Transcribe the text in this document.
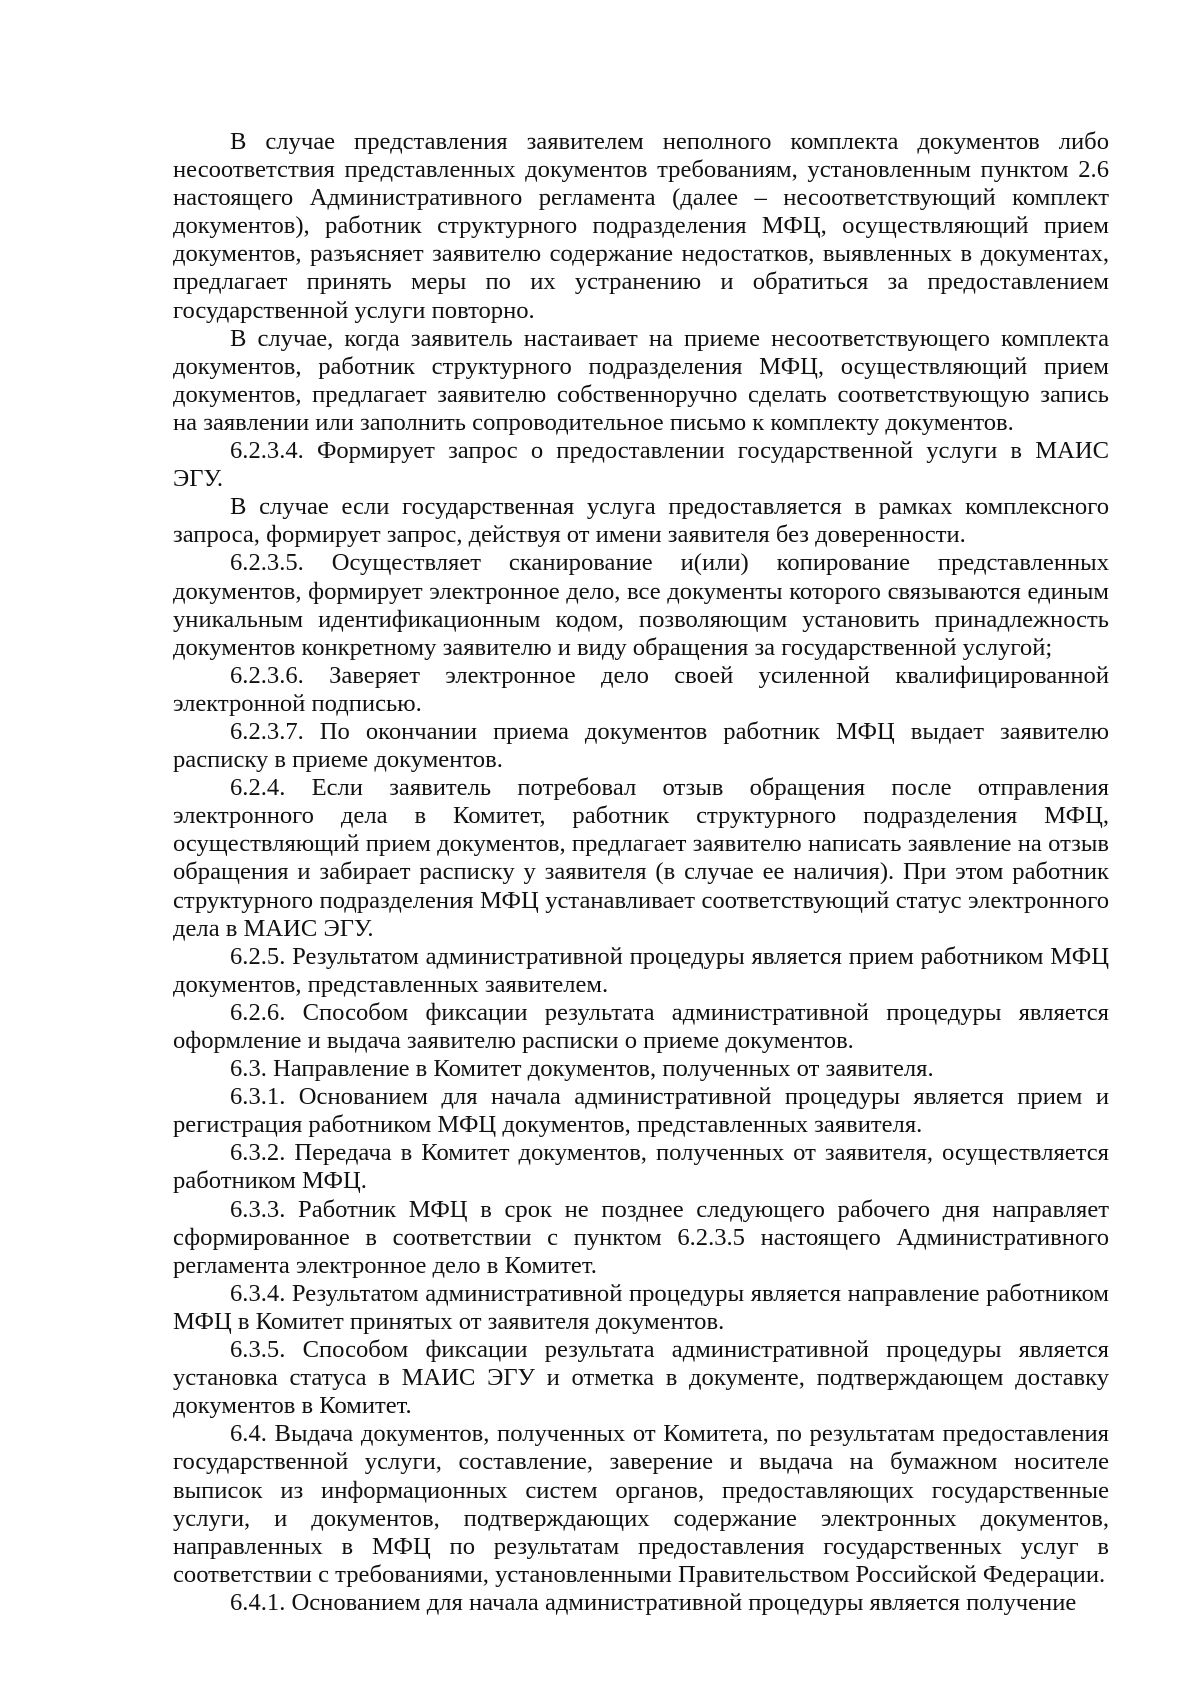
В случае представления заявителем неполного комплекта документов либо несоответствия представленных документов требованиям, установленным пунктом 2.6 настоящего Административного регламента (далее – несоответствующий комплект документов), работник структурного подразделения МФЦ, осуществляющий прием документов, разъясняет заявителю содержание недостатков, выявленных в документах, предлагает принять меры по их устранению и обратиться за предоставлением государственной услуги повторно.

В случае, когда заявитель настаивает на приеме несоответствующего комплекта документов, работник структурного подразделения МФЦ, осуществляющий прием документов, предлагает заявителю собственноручно сделать соответствующую запись на заявлении или заполнить сопроводительное письмо к комплекту документов.

6.2.3.4. Формирует запрос о предоставлении государственной услуги в МАИС ЭГУ.

В случае если государственная услуга предоставляется в рамках комплексного запроса, формирует запрос, действуя от имени заявителя без доверенности.

6.2.3.5. Осуществляет сканирование и(или) копирование представленных документов, формирует электронное дело, все документы которого связываются единым уникальным идентификационным кодом, позволяющим установить принадлежность документов конкретному заявителю и виду обращения за государственной услугой;

6.2.3.6. Заверяет электронное дело своей усиленной квалифицированной электронной подписью.

6.2.3.7. По окончании приема документов работник МФЦ выдает заявителю расписку в приеме документов.

6.2.4. Если заявитель потребовал отзыв обращения после отправления электронного дела в Комитет, работник структурного подразделения МФЦ, осуществляющий прием документов, предлагает заявителю написать заявление на отзыв обращения и забирает расписку у заявителя (в случае ее наличия). При этом работник структурного подразделения МФЦ устанавливает соответствующий статус электронного дела в МАИС ЭГУ.

6.2.5. Результатом административной процедуры является прием работником МФЦ документов, представленных заявителем.

6.2.6. Способом фиксации результата административной процедуры является оформление и выдача заявителю расписки о приеме документов.

6.3. Направление в Комитет документов, полученных от заявителя.

6.3.1. Основанием для начала административной процедуры является прием и регистрация работником МФЦ документов, представленных заявителя.

6.3.2. Передача в Комитет документов, полученных от заявителя, осуществляется работником МФЦ.

6.3.3. Работник МФЦ в срок не позднее следующего рабочего дня направляет сформированное в соответствии с пунктом 6.2.3.5 настоящего Административного регламента электронное дело в Комитет.

6.3.4. Результатом административной процедуры является направление работником МФЦ в Комитет принятых от заявителя документов.

6.3.5. Способом фиксации результата административной процедуры является установка статуса в МАИС ЭГУ и отметка в документе, подтверждающем доставку документов в Комитет.

6.4. Выдача документов, полученных от Комитета, по результатам предоставления государственной услуги, составление, заверение и выдача на бумажном носителе выписок из информационных систем органов, предоставляющих государственные услуги, и документов, подтверждающих содержание электронных документов, направленных в МФЦ по результатам предоставления государственных услуг в соответствии с требованиями, установленными Правительством Российской Федерации.

6.4.1. Основанием для начала административной процедуры является получение
